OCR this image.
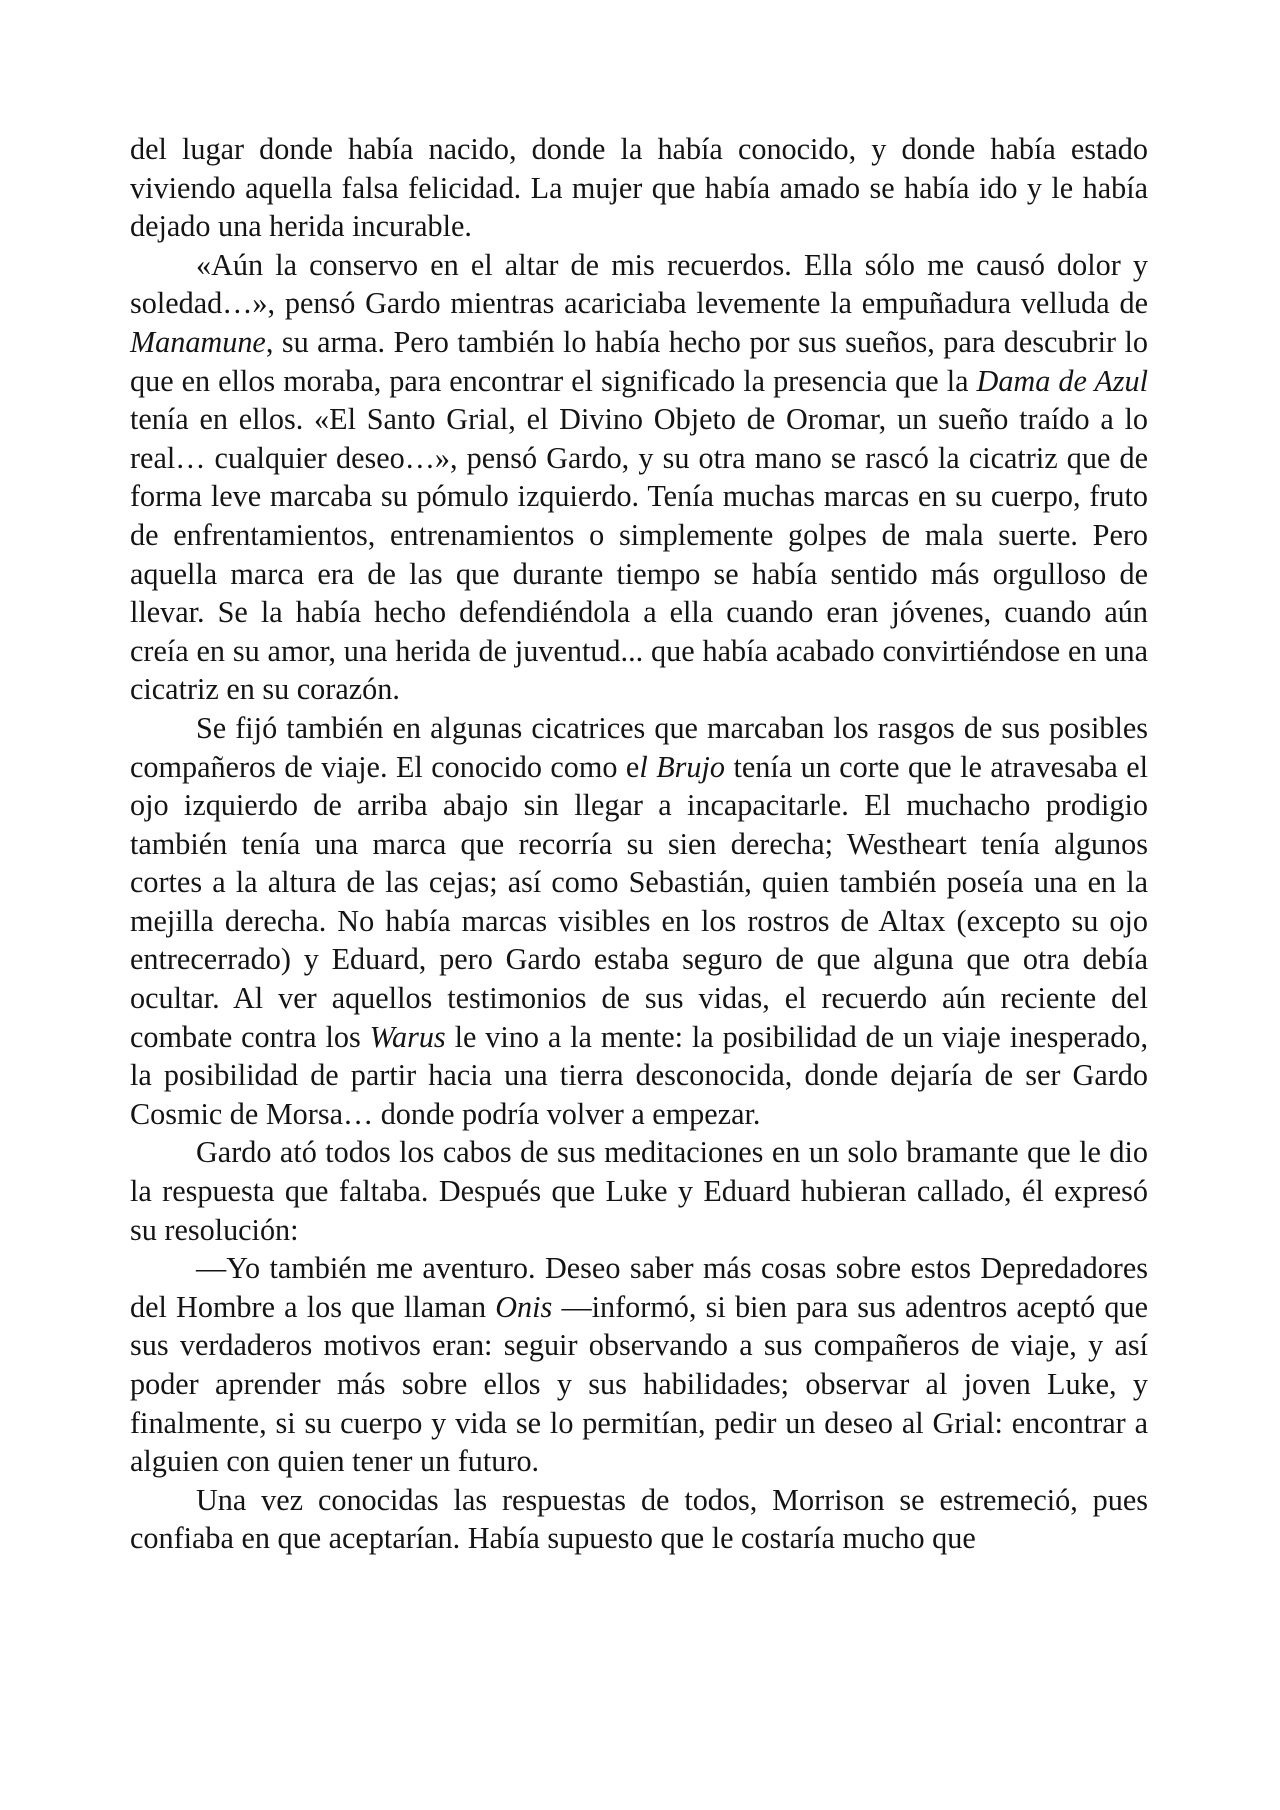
del lugar donde había nacido, donde la había conocido, y donde había estado viviendo aquella falsa felicidad. La mujer que había amado se había ido y le había dejado una herida incurable.

«Aún la conservo en el altar de mis recuerdos. Ella sólo me causó dolor y soledad…», pensó Gardo mientras acariciaba levemente la empuñadura velluda de Manamune, su arma. Pero también lo había hecho por sus sueños, para descubrir lo que en ellos moraba, para encontrar el significado la presencia que la Dama de Azul tenía en ellos. «El Santo Grial, el Divino Objeto de Oromar, un sueño traído a lo real… cualquier deseo…», pensó Gardo, y su otra mano se rascó la cicatriz que de forma leve marcaba su pómulo izquierdo. Tenía muchas marcas en su cuerpo, fruto de enfrentamientos, entrenamientos o simplemente golpes de mala suerte. Pero aquella marca era de las que durante tiempo se había sentido más orgulloso de llevar. Se la había hecho defendiéndola a ella cuando eran jóvenes, cuando aún creía en su amor, una herida de juventud... que había acabado convirtiéndose en una cicatriz en su corazón.

Se fijó también en algunas cicatrices que marcaban los rasgos de sus posibles compañeros de viaje. El conocido como el Brujo tenía un corte que le atravesaba el ojo izquierdo de arriba abajo sin llegar a incapacitarle. El muchacho prodigio también tenía una marca que recorría su sien derecha; Westheart tenía algunos cortes a la altura de las cejas; así como Sebastián, quien también poseía una en la mejilla derecha. No había marcas visibles en los rostros de Altax (excepto su ojo entrecerrado) y Eduard, pero Gardo estaba seguro de que alguna que otra debía ocultar. Al ver aquellos testimonios de sus vidas, el recuerdo aún reciente del combate contra los Warus le vino a la mente: la posibilidad de un viaje inesperado, la posibilidad de partir hacia una tierra desconocida, donde dejaría de ser Gardo Cosmic de Morsa… donde podría volver a empezar.

Gardo ató todos los cabos de sus meditaciones en un solo bramante que le dio la respuesta que faltaba. Después que Luke y Eduard hubieran callado, él expresó su resolución:

—Yo también me aventuro. Deseo saber más cosas sobre estos Depredadores del Hombre a los que llaman Onis —informó, si bien para sus adentros aceptó que sus verdaderos motivos eran: seguir observando a sus compañeros de viaje, y así poder aprender más sobre ellos y sus habilidades; observar al joven Luke, y finalmente, si su cuerpo y vida se lo permitían, pedir un deseo al Grial: encontrar a alguien con quien tener un futuro.

Una vez conocidas las respuestas de todos, Morrison se estremeció, pues confiaba en que aceptarían. Había supuesto que le costaría mucho que
